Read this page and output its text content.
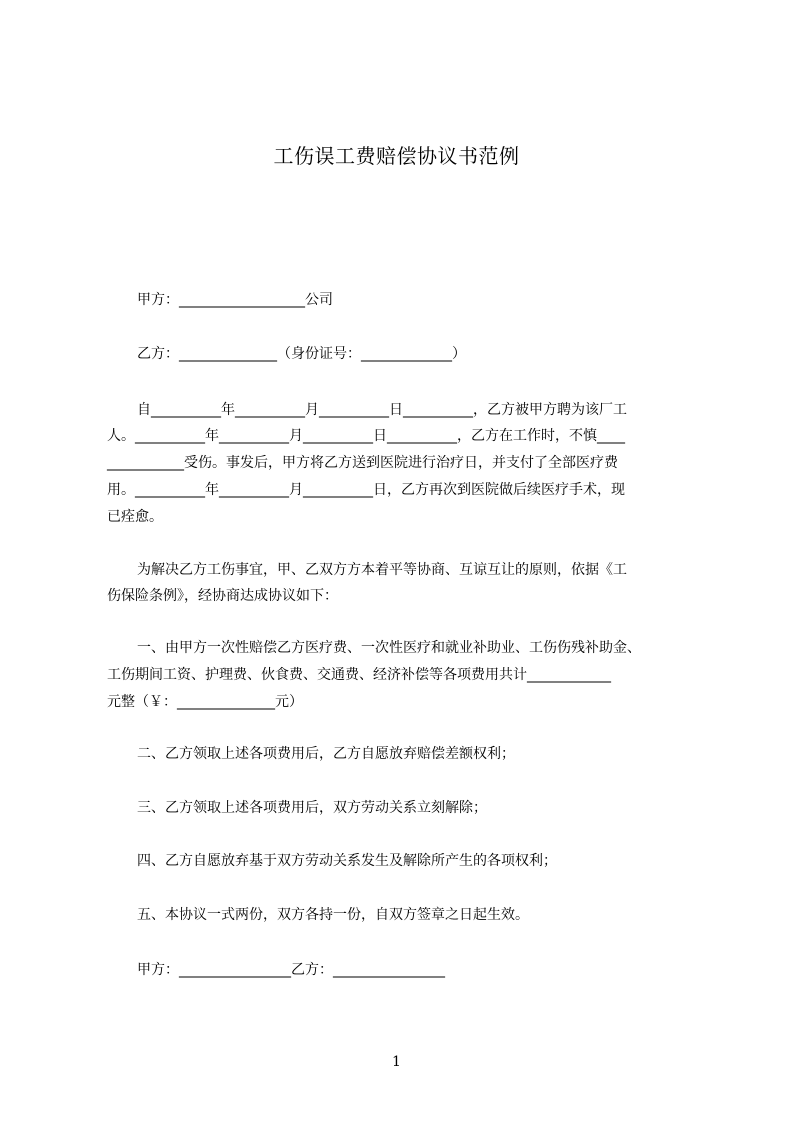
工伤误工费赔偿协议书范例
甲方：__________________公司
乙方：______________（身份证号：_____________）
自__________年__________月__________日__________，乙方被甲方聘为该厂工
人。__________年__________月__________日__________，乙方在工作时，不慎____
___________受伤。事发后，甲方将乙方送到医院进行治疗日，并支付了全部医疗费
用。__________年__________月__________日，乙方再次到医院做后续医疗手术，现
已痊愈。
为解决乙方工伤事宜，甲、乙双方方本着平等协商、互谅互让的原则，依据《工
伤保险条例》，经协商达成协议如下：
一、由甲方一次性赔偿乙方医疗费、一次性医疗和就业补助业、工伤伤残补助金、
工伤期间工资、护理费、伙食费、交通费、经济补偿等各项费用共计____________
元整（￥：______________元）
二、乙方领取上述各项费用后，乙方自愿放弃赔偿差额权利；
三、乙方领取上述各项费用后，双方劳动关系立刻解除；
四、乙方自愿放弃基于双方劳动关系发生及解除所产生的各项权利；
五、本协议一式两份，双方各持一份，自双方签章之日起生效。
甲方：________________乙方：________________
1
